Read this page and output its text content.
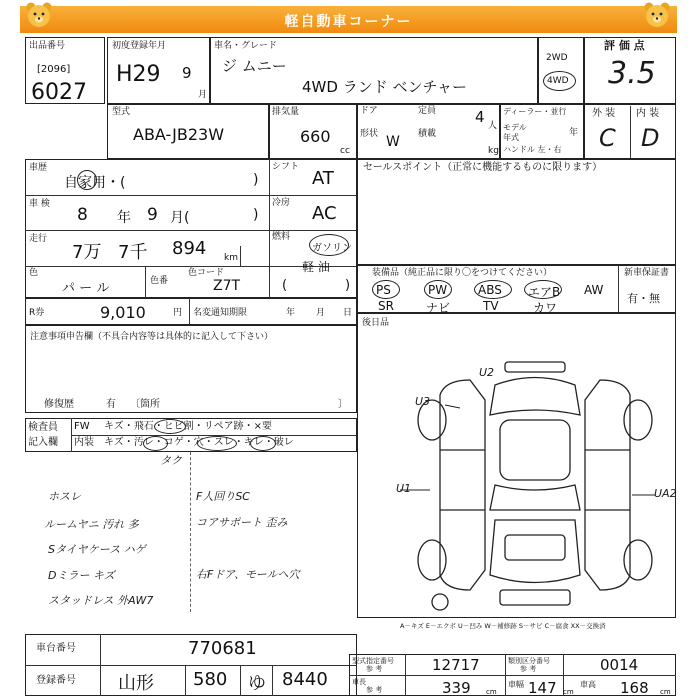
軽自動車コーナー
出品番号
[2096]
6027
初度登録年月
H29 9
月
車名・グレード
ジ ムニー
4WD ランド ベンチャー
2WD
4WD
評 価 点
3.5
型式
ABA-JB23W
排気量
660
cc
ドア	定員	4 人
形状 W 積載
kg
ディーラー・並行
モデル 年式	年
ハンドル 左・右
外 装 内 装
C D
車歴
自家用・(	)
シフト
AT
車 検
8 年 9 月(	)
冷房 AC
走行
7万 7千 894 km
燃料
ガソリン
軽 油
色
パ ー ル	色番
色コード
Z7T	(	)
セールスポイント（正常に機能するものに限ります）
装備品（純正品に限り〇をつけてください）	新車保証書
有・無
R券	9,010	円 名変通知期限	年 月 日
後日品
注意事項申告欄（不具合内容等は具体的に記入して下さい）
修復歴	有 〔箇所	〕
検査員
記入欄
FW キズ・飛石・ヒビ割・リペア跡・×要
内装 キズ・汚レ・コゲ・穴・スレ・キレ・破レ
タク
U2
U3
U1	UA2
A－キズ E－エクボ U－凹み W－補修跡 S－サビ C－腐食 XX－交換済
車台番号	770681
登録番号 山形 580 ゆ 8440
型式指定番号
参 考	12717	類別区分番号
参 考	0014
車長
参 考	339 cm
車幅 147 cm
車高 168 cm
PS	PW	ABS エアB AW
SR	ナビ	TV	カワ
ホスレ
ルームヤニ 汚れ 多
Sタイヤケース ハゲ
Dミラー キズ
スタッドレス 外AW7
F人回りSC
コアサポート 歪み
右Fドア、モールヘ穴
